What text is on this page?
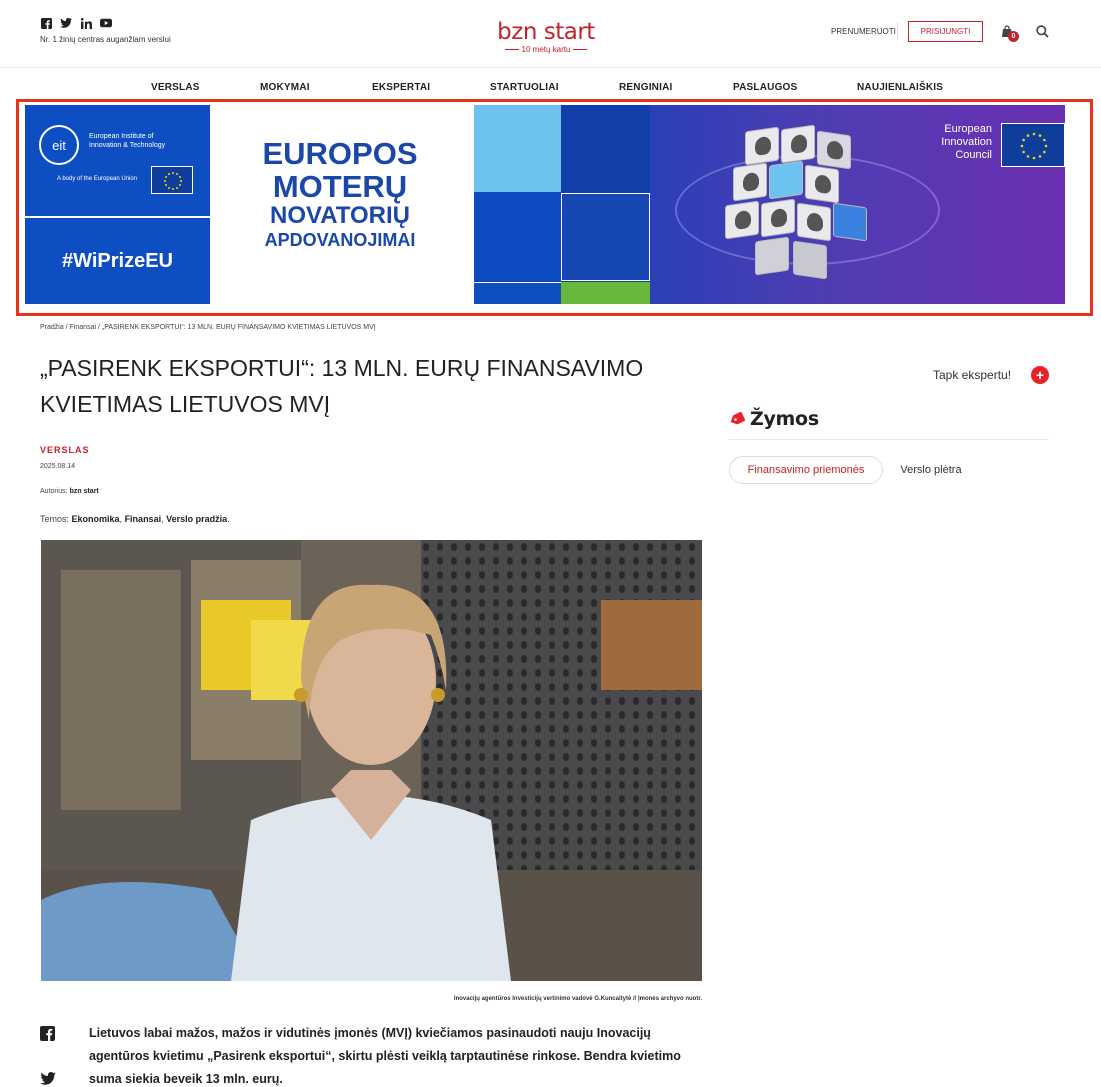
Nr. 1 žinių centras auganžiam verslui	bzn start
10 metų kartu
PRENUMERUOTI	PRISIJUNGTI
0
VERSLAS	MOKYMAI	EKSPERTAI	STARTUOLIAI	RENGINIAI	PASLAUGOS	NAUJIENLAIŠKIS
eit
European Institute of
Innovation & Technology
A body of the European Union
#WiPrizeEU
EUROPOS
MOTERŲ
NOVATORIŲ
APDOVANOJIMAI
European
Innovation
Council
Pradžia / Finansai / „PASIRENK EKSPORTUI“: 13 MLN. EURŲ FINANSAVIMO KVIETIMAS LIETUVOS MVĮ
„PASIRENK EKSPORTUI“: 13 MLN. EURŲ FINANSAVIMO KVIETIMAS LIETUVOS MVĮ
VERSLAS
2025.08.14
Autorius: bzn start
Temos: Ekonomika, Finansai, Verslo pradžia.
Inovacijų agentūros Investicijų vertinimo vadovė G.Kuncaitytė // Įmonės archyvo nuotr.

Lietuvos labai mažos, mažos ir vidutinės įmonės (MVĮ) kviečiamos pasinaudoti nauju Inovacijų agentūros kvietimu „Pasirenk eksportui“, skirtu plėsti veiklą tarptautinėse rinkose. Bendra kvietimo suma siekia beveik 13 mln. eurų.

Tapk ekspertu!	+
Žymos
Finansavimo priemonės	Verslo plėtra
